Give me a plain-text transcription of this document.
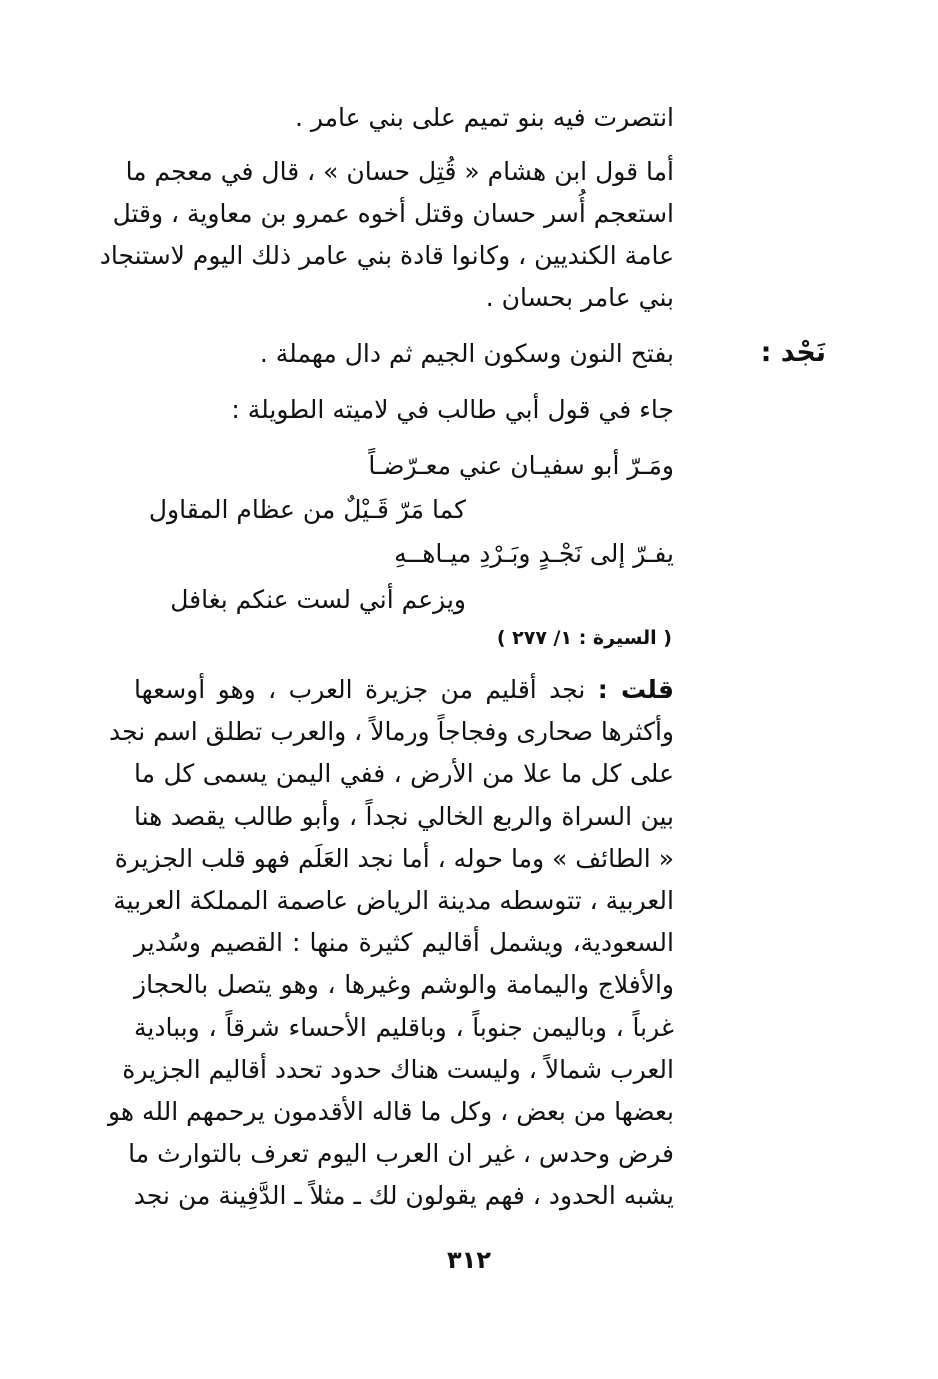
انتصرت فيه بنو تميم على بني عامر .
أما قول ابن هشام « قُتِل حسان » ، قال في معجم ما
استعجم أُسر حسان وقتل أخوه عمرو بن معاوية ، وقتل
عامة الكنديين ، وكانوا قادة بني عامر ذلك اليوم لاستنجاد
بني عامر بحسان .
نَجْد :
بفتح النون وسكون الجيم ثم دال مهملة .
جاء في قول أبي طالب في لاميته الطويلة :
ومَـرّ أبو سفيـان عني معـرّضـاً
كما مَرّ قَـيْلٌ من عظام المقاول
يفـرّ إلى نَجْـدٍ وبَـرْدِ ميـاهــهِ
ويزعم أني لست عنكم بغافل
( السيرة : ١/ ٢٧٧ )
قلت : نجد أقليم من جزيرة العرب ، وهو أوسعها
وأكثرها صحارى وفجاجاً ورمالاً ، والعرب تطلق اسم نجد
على كل ما علا من الأرض ، ففي اليمن يسمى كل ما
بين السراة والربع الخالي نجداً ، وأبو طالب يقصد هنا
« الطائف » وما حوله ، أما نجد العَلَم فهو قلب الجزيرة
العربية ، تتوسطه مدينة الرياض عاصمة المملكة العربية
السعودية، ويشمل أقاليم كثيرة منها : القصيم وسُدير
والأفلاج واليمامة والوشم وغيرها ، وهو يتصل بالحجاز
غرباً ، وباليمن جنوباً ، وباقليم الأحساء شرقاً ، وببادية
العرب شمالاً ، وليست هناك حدود تحدد أقاليم الجزيرة
بعضها من بعض ، وكل ما قاله الأقدمون يرحمهم الله هو
فرض وحدس ، غير ان العرب اليوم تعرف بالتوارث ما
يشبه الحدود ، فهم يقولون لك ـ مثلاً ـ الدَّفِينة من نجد
٣١٢
